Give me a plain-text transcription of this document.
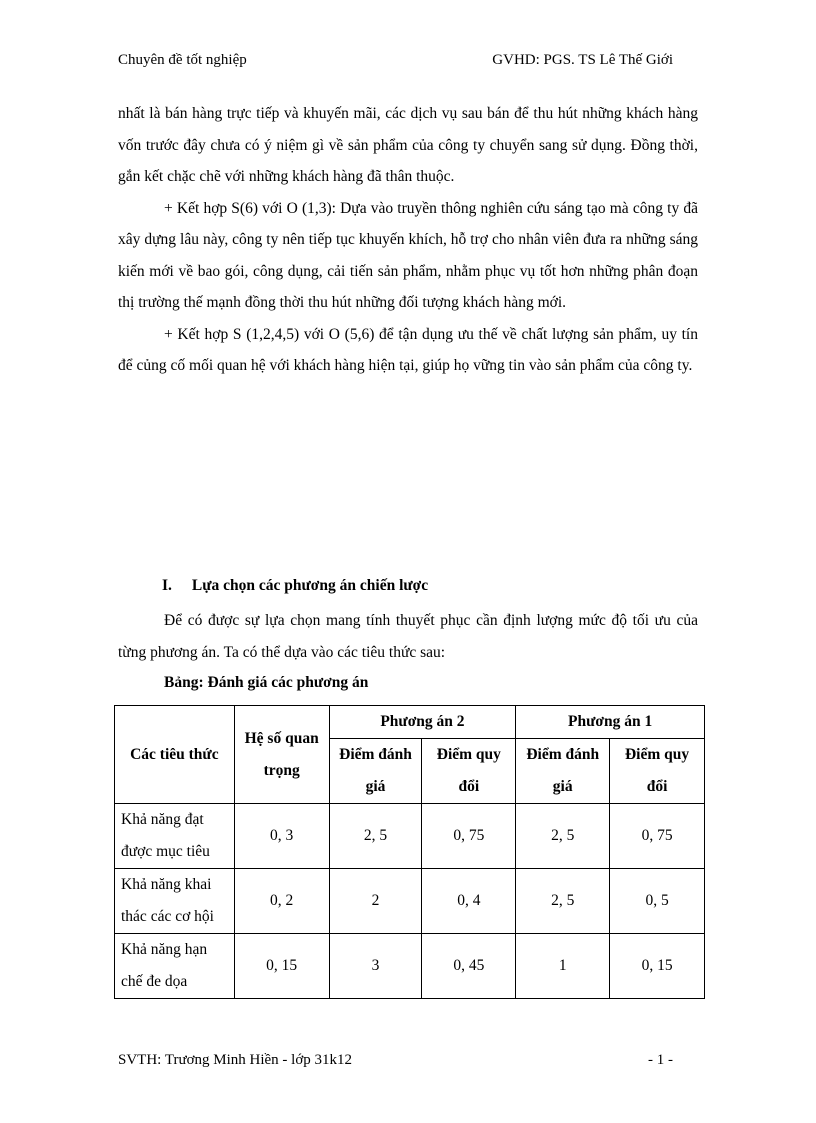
Chuyên đề tốt nghiệp	GVHD: PGS. TS Lê Thế Giới

nhất là bán hàng trực tiếp và khuyến mãi, các dịch vụ sau bán để thu hút những khách hàng vốn trước đây chưa có ý niệm gì về sản phẩm của công ty chuyển sang sử dụng. Đồng thời, gắn kết chặc chẽ với những khách hàng đã thân thuộc.

+ Kết hợp S(6) với O (1,3): Dựa vào truyền thông nghiên cứu sáng tạo mà công ty đã xây dựng lâu này, công ty nên tiếp tục khuyến khích, hỗ trợ cho nhân viên đưa ra những sáng kiến mới về bao gói, công dụng, cải tiến sản phẩm, nhằm phục vụ tốt hơn những phân đoạn thị trường thế mạnh đồng thời thu hút những đối tượng khách hàng mới.

+ Kết hợp S (1,2,4,5) với O (5,6) để tận dụng ưu thế về chất lượng sản phẩm, uy tín để củng cố mối quan hệ với khách hàng hiện tại, giúp họ vững tin vào sản phẩm của công ty.

I. Lựa chọn các phương án chiến lược

Để có được sự lựa chọn mang tính thuyết phục cần định lượng mức độ tối ưu của từng phương án. Ta có thể dựa vào các tiêu thức sau:

Bảng: Đánh giá các phương án
Các tiêu thức	Hệ số quan trọng	Phương án 2		Phương án 1	
		Điểm đánh giá	Điểm quy đổi	Điểm đánh giá	Điểm quy đổi
Khả năng đạt được mục tiêu	0, 3	2, 5	0, 75	2, 5	0, 75
Khả năng khai thác các cơ hội	0, 2	2	0, 4	2, 5	0, 5
Khả năng hạn chế đe dọa	0, 15	3	0, 45	1	0, 15
SVTH: Trương Minh Hiền - lớp 31k12	- 1 -
